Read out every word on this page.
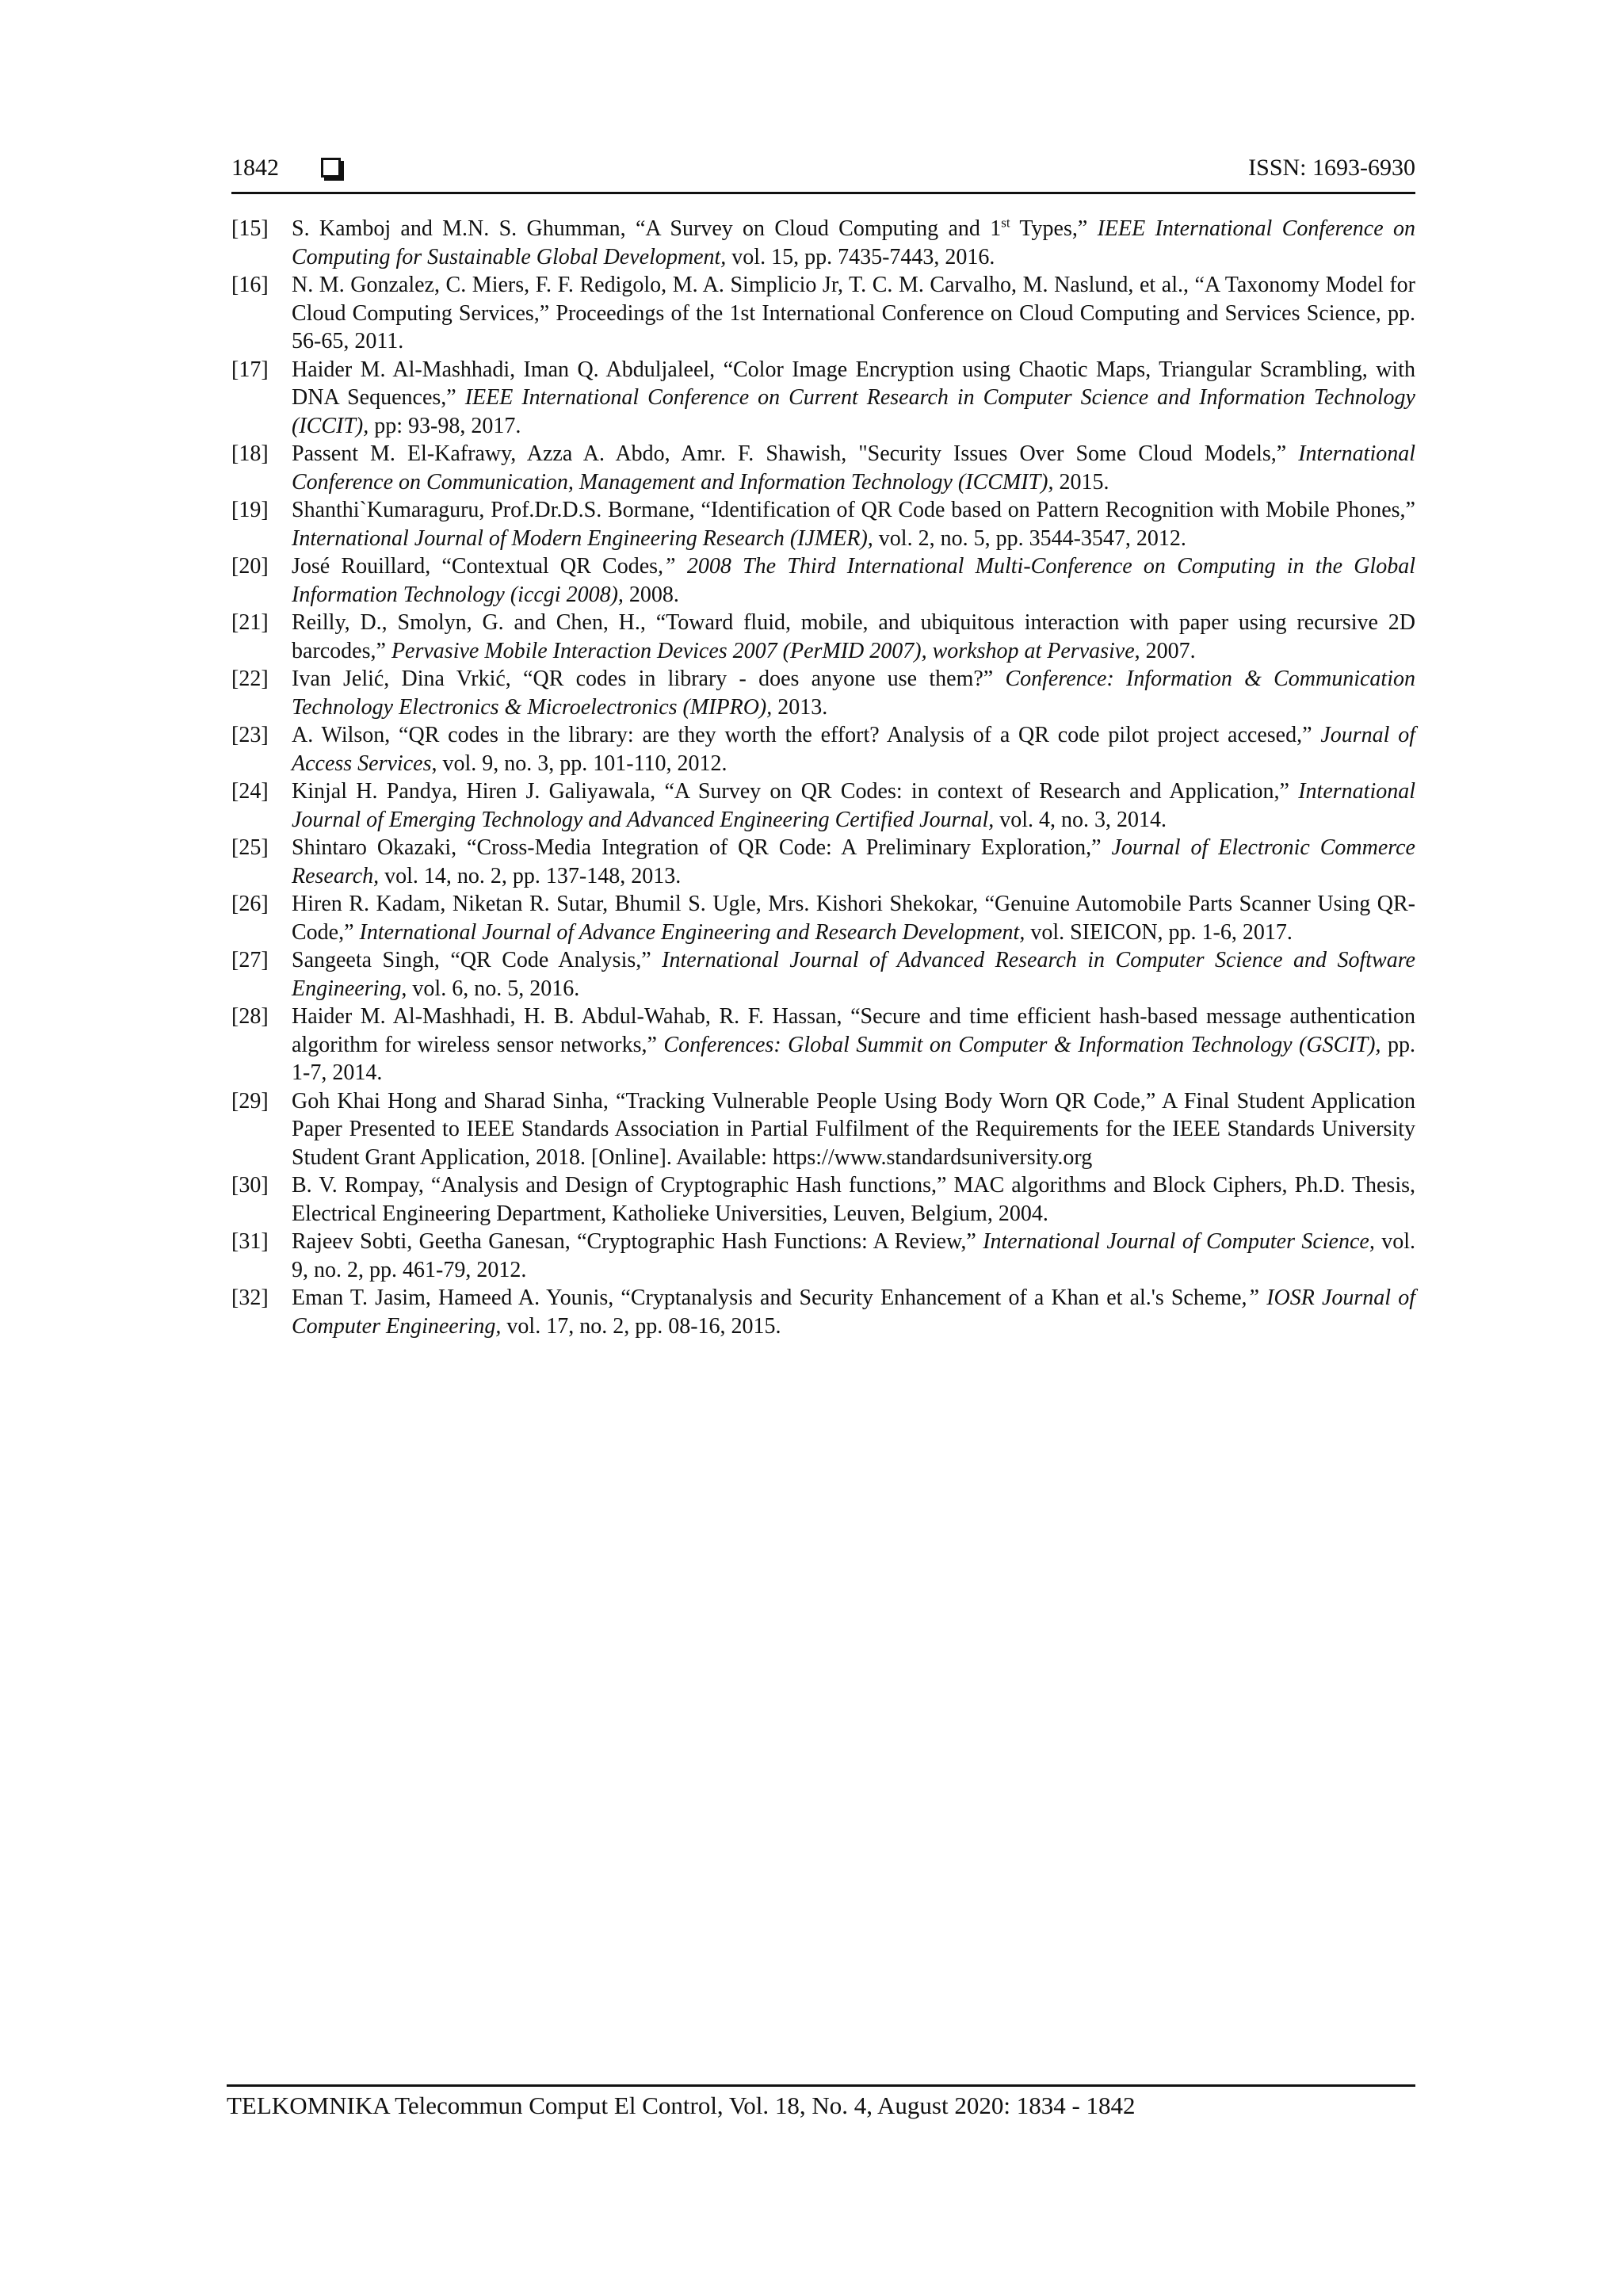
1842	ISSN: 1693-6930
[15]	S. Kamboj and M.N. S. Ghumman, “A Survey on Cloud Computing and 1st Types,” IEEE International Conference on Computing for Sustainable Global Development, vol. 15, pp. 7435-7443, 2016.
[16]	N. M. Gonzalez, C. Miers, F. F. Redigolo, M. A. Simplicio Jr, T. C. M. Carvalho, M. Naslund, et al., “A Taxonomy Model for Cloud Computing Services,” Proceedings of the 1st International Conference on Cloud Computing and Services Science, pp. 56-65, 2011.
[17]	Haider M. Al-Mashhadi, Iman Q. Abduljaleel, “Color Image Encryption using Chaotic Maps, Triangular Scrambling, with DNA Sequences,” IEEE International Conference on Current Research in Computer Science and Information Technology (ICCIT), pp: 93-98, 2017.
[18]	Passent M. El-Kafrawy, Azza A. Abdo, Amr. F. Shawish, "Security Issues Over Some Cloud Models,” International Conference on Communication, Management and Information Technology (ICCMIT), 2015.
[19]	Shanthi`Kumaraguru, Prof.Dr.D.S. Bormane, “Identification of QR Code based on Pattern Recognition with Mobile Phones,” International Journal of Modern Engineering Research (IJMER), vol. 2, no. 5, pp. 3544-3547, 2012.
[20]	José Rouillard, “Contextual QR Codes,” 2008 The Third International Multi-Conference on Computing in the Global Information Technology (iccgi 2008), 2008.
[21]	Reilly, D., Smolyn, G. and Chen, H., “Toward fluid, mobile, and ubiquitous interaction with paper using recursive 2D barcodes,” Pervasive Mobile Interaction Devices 2007 (PerMID 2007), workshop at Pervasive, 2007.
[22]	Ivan Jelić, Dina Vrkić, “QR codes in library - does anyone use them?” Conference: Information & Communication Technology Electronics & Microelectronics (MIPRO), 2013.
[23]	A. Wilson, “QR codes in the library: are they worth the effort? Analysis of a QR code pilot project accesed,” Journal of Access Services, vol. 9, no. 3, pp. 101-110, 2012.
[24]	Kinjal H. Pandya, Hiren J. Galiyawala, “A Survey on QR Codes: in context of Research and Application,” International Journal of Emerging Technology and Advanced Engineering Certified Journal, vol. 4, no. 3, 2014.
[25]	Shintaro Okazaki, “Cross-Media Integration of QR Code: A Preliminary Exploration,” Journal of Electronic Commerce Research, vol. 14, no. 2, pp. 137-148, 2013.
[26]	Hiren R. Kadam, Niketan R. Sutar, Bhumil S. Ugle, Mrs. Kishori Shekokar, “Genuine Automobile Parts Scanner Using QR-Code,” International Journal of Advance Engineering and Research Development, vol. SIEICON, pp. 1-6, 2017.
[27]	Sangeeta Singh, “QR Code Analysis,” International Journal of Advanced Research in Computer Science and Software Engineering, vol. 6, no. 5, 2016.
[28]	Haider M. Al-Mashhadi, H. B. Abdul-Wahab, R. F. Hassan, “Secure and time efficient hash-based message authentication algorithm for wireless sensor networks,” Conferences: Global Summit on Computer & Information Technology (GSCIT), pp. 1-7, 2014.
[29]	Goh Khai Hong and Sharad Sinha, “Tracking Vulnerable People Using Body Worn QR Code,” A Final Student Application Paper Presented to IEEE Standards Association in Partial Fulfilment of the Requirements for the IEEE Standards University Student Grant Application, 2018. [Online]. Available: https://www.standardsuniversity.org
[30]	B. V. Rompay, “Analysis and Design of Cryptographic Hash functions,” MAC algorithms and Block Ciphers, Ph.D. Thesis, Electrical Engineering Department, Katholieke Universities, Leuven, Belgium, 2004.
[31]	Rajeev Sobti, Geetha Ganesan, “Cryptographic Hash Functions: A Review,” International Journal of Computer Science, vol. 9, no. 2, pp. 461-79, 2012.
[32]	Eman T. Jasim, Hameed A. Younis, “Cryptanalysis and Security Enhancement of a Khan et al.'s Scheme,” IOSR Journal of Computer Engineering, vol. 17, no. 2, pp. 08-16, 2015.
TELKOMNIKA Telecommun Comput El Control, Vol. 18, No. 4, August 2020: 1834 - 1842
